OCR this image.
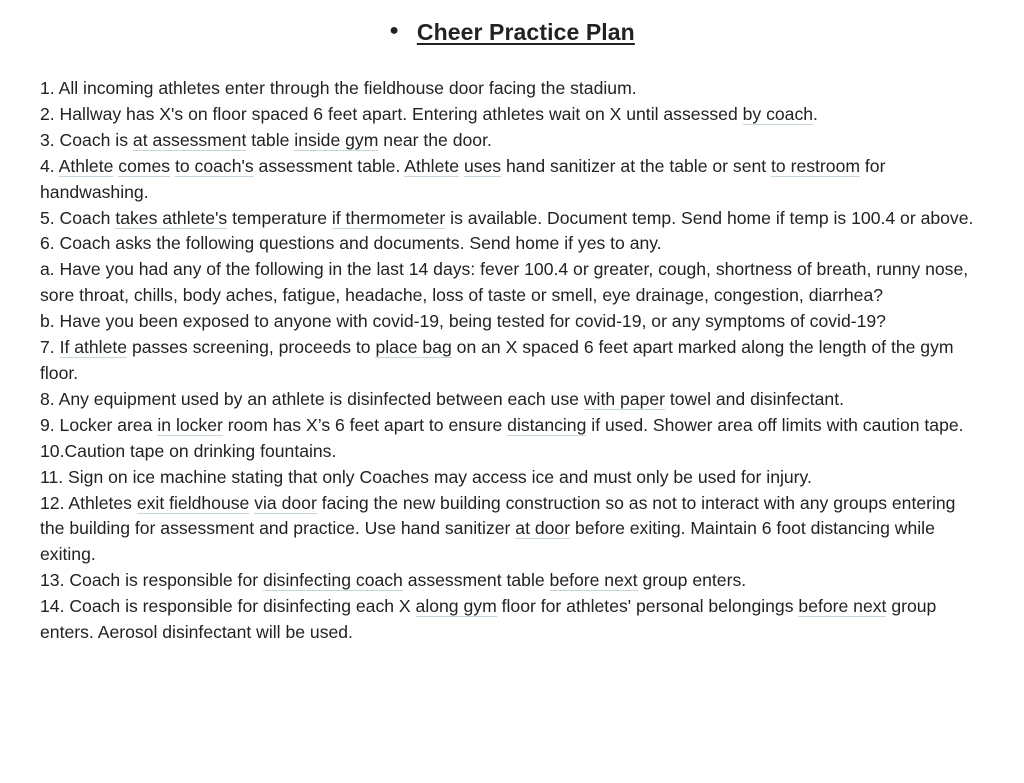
● Cheer Practice Plan

1. All incoming athletes enter through the fieldhouse door facing the stadium.

2. Hallway has X's on floor spaced 6 feet apart. Entering athletes wait on X until assessed by coach.

3. Coach is at assessment table inside gym near the door.

4. Athlete comes to coach's assessment table. Athlete uses hand sanitizer at the table or sent to restroom for handwashing.

5. Coach takes athlete's temperature if thermometer is available. Document temp. Send home if temp is 100.4 or above.

6. Coach asks the following questions and documents. Send home if yes to any.

a. Have you had any of the following in the last 14 days: fever 100.4 or greater, cough, shortness of breath, runny nose, sore throat, chills, body aches, fatigue, headache, loss of taste or smell, eye drainage, congestion, diarrhea?

b. Have you been exposed to anyone with covid-19, being tested for covid-19, or any symptoms of covid-19?

7. If athlete passes screening, proceeds to place bag on an X spaced 6 feet apart marked along the length of the gym floor.

8. Any equipment used by an athlete is disinfected between each use with paper towel and disinfectant.

9. Locker area in locker room has X’s 6 feet apart to ensure distancing if used. Shower area off limits with caution tape.

10.Caution tape on drinking fountains.

11. Sign on ice machine stating that only Coaches may access ice and must only be used for injury.

12. Athletes exit fieldhouse via door facing the new building construction so as not to interact with any groups entering the building for assessment and practice. Use hand sanitizer at door before exiting. Maintain 6 foot distancing while exiting.

13. Coach is responsible for disinfecting coach assessment table before next group enters.

14. Coach is responsible for disinfecting each X along gym floor for athletes' personal belongings before next group enters. Aerosol disinfectant will be used.
